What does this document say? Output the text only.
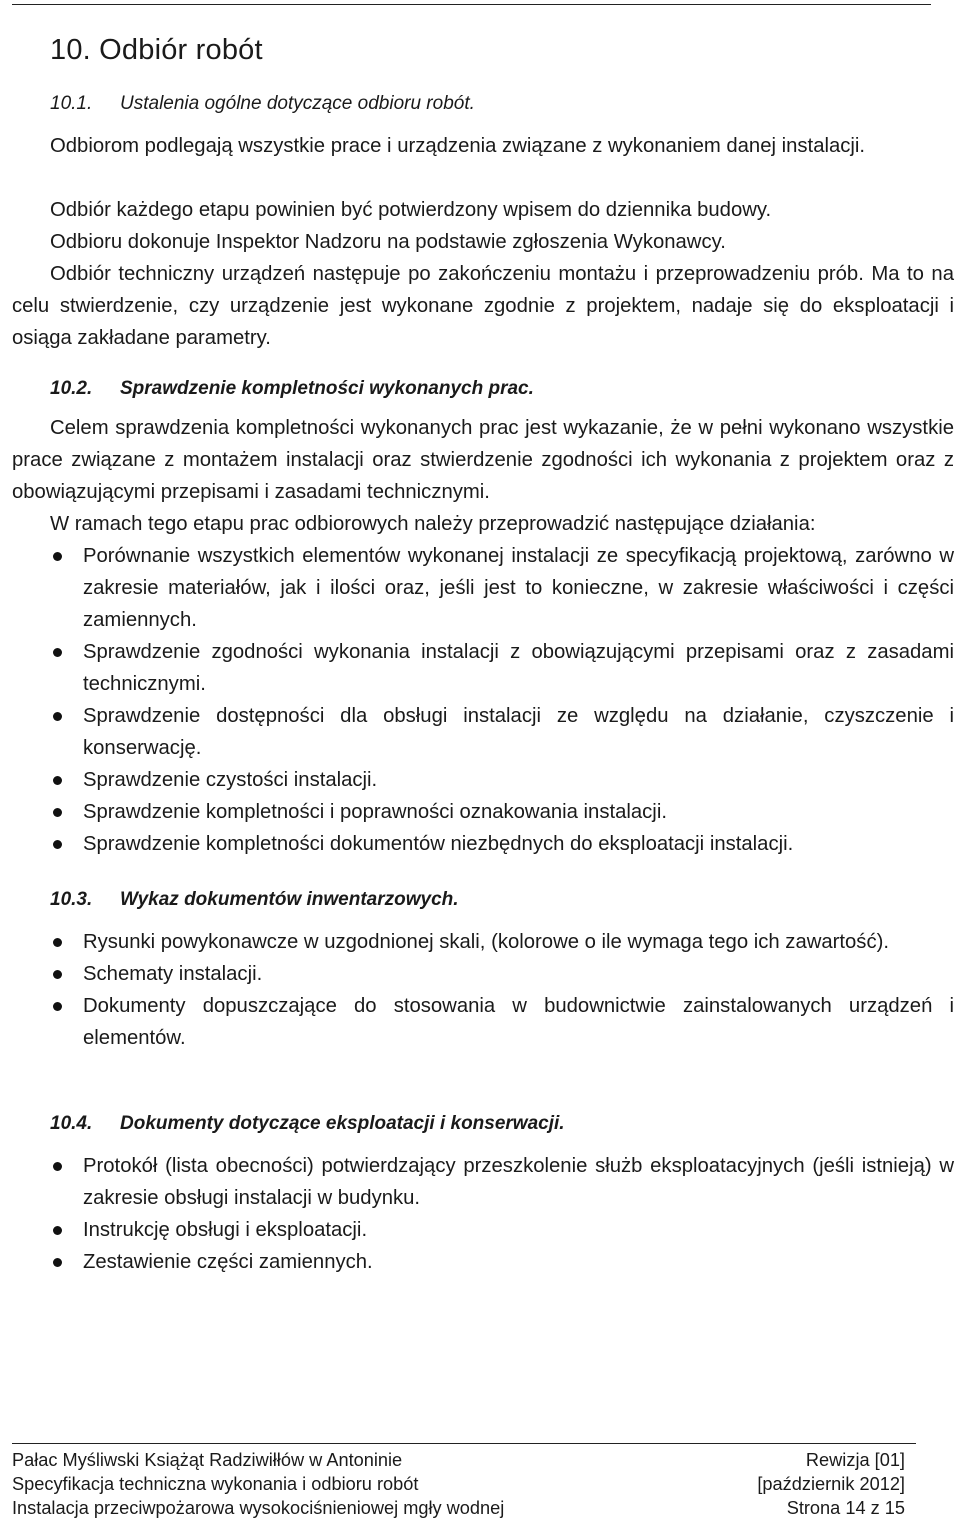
10. Odbiór robót
10.1. Ustalenia ogólne dotyczące odbioru robót.

Odbiorom podlegają wszystkie prace i urządzenia związane z wykonaniem danej instalacji.

Odbiór każdego etapu powinien być potwierdzony wpisem do dziennika budowy.

Odbioru dokonuje Inspektor Nadzoru na podstawie zgłoszenia Wykonawcy.

Odbiór techniczny urządzeń następuje po zakończeniu montażu i przeprowadzeniu prób. Ma to na celu stwierdzenie, czy urządzenie jest wykonane zgodnie z projektem, nadaje się do eksploatacji i osiąga zakładane parametry.

10.2. Sprawdzenie kompletności wykonanych prac.

Celem sprawdzenia kompletności wykonanych prac jest wykazanie, że w pełni wykonano wszystkie prace związane z montażem instalacji oraz stwierdzenie zgodności ich wykonania z projektem oraz z obowiązującymi przepisami i zasadami technicznymi.

W ramach tego etapu prac odbiorowych należy przeprowadzić następujące działania:

Porównanie wszystkich elementów wykonanej instalacji ze specyfikacją projektową, zarówno w zakresie materiałów, jak i ilości oraz, jeśli jest to konieczne, w zakresie właściwości i części zamiennych.
Sprawdzenie zgodności wykonania instalacji z obowiązującymi przepisami oraz z zasadami technicznymi.
Sprawdzenie dostępności dla obsługi instalacji ze względu na działanie, czyszczenie i konserwację.
Sprawdzenie czystości instalacji.
Sprawdzenie kompletności i poprawności oznakowania instalacji.
Sprawdzenie kompletności dokumentów niezbędnych do eksploatacji instalacji.
10.3. Wykaz dokumentów inwentarzowych.
Rysunki powykonawcze w uzgodnionej skali, (kolorowe o ile wymaga tego ich zawartość).
Schematy instalacji.
Dokumenty dopuszczające do stosowania w budownictwie zainstalowanych urządzeń i elementów.
10.4. Dokumenty dotyczące eksploatacji i konserwacji.
Protokół (lista obecności) potwierdzający przeszkolenie służb eksploatacyjnych (jeśli istnieją) w zakresie obsługi instalacji w budynku.
Instrukcję obsługi i eksploatacji.
Zestawienie części zamiennych.
Pałac Myśliwski Książąt Radziwiłłów w Antoninie	Rewizja [01]
Specyfikacja techniczna wykonania i odbioru robót	[październik 2012]
Instalacja przeciwpożarowa wysokociśnieniowej mgły wodnej	Strona 14 z 15
